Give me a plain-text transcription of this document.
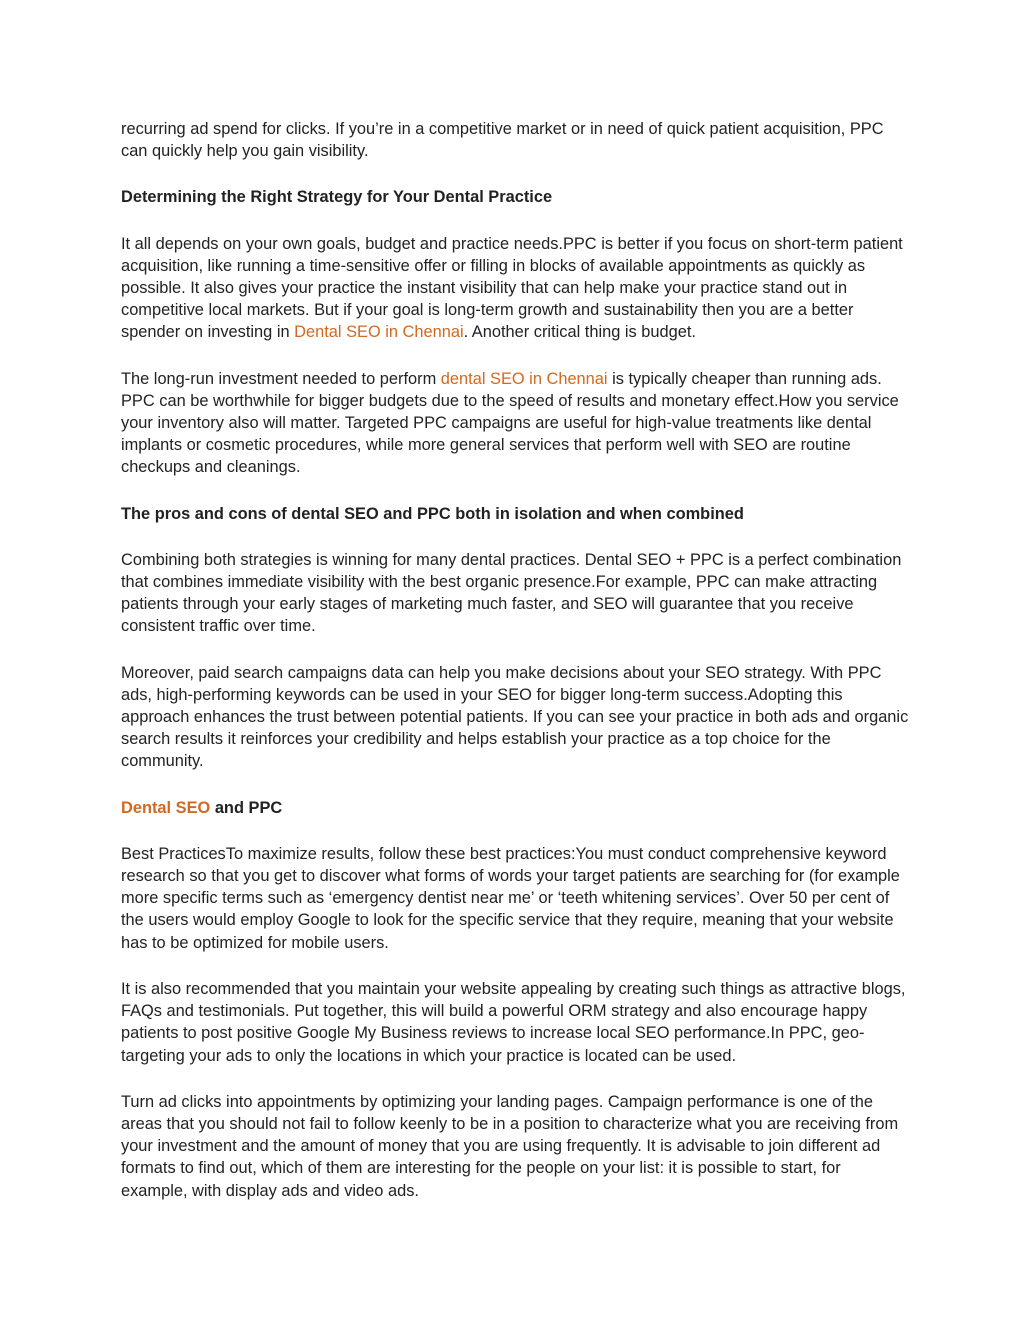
recurring ad spend for clicks. If you’re in a competitive market or in need of quick patient acquisition, PPC can quickly help you gain visibility.

Determining the Right Strategy for Your Dental Practice

It all depends on your own goals, budget and practice needs.PPC is better if you focus on short-term patient acquisition, like running a time-sensitive offer or filling in blocks of available appointments as quickly as possible. It also gives your practice the instant visibility that can help make your practice stand out in competitive local markets. But if your goal is long-term growth and sustainability then you are a better spender on investing in Dental SEO in Chennai. Another critical thing is budget.

The long-run investment needed to perform dental SEO in Chennai is typically cheaper than running ads. PPC can be worthwhile for bigger budgets due to the speed of results and monetary effect.How you service your inventory also will matter. Targeted PPC campaigns are useful for high-value treatments like dental implants or cosmetic procedures, while more general services that perform well with SEO are routine checkups and cleanings.

The pros and cons of dental SEO and PPC both in isolation and when combined

Combining both strategies is winning for many dental practices. Dental SEO + PPC is a perfect combination that combines immediate visibility with the best organic presence.For example, PPC can make attracting patients through your early stages of marketing much faster, and SEO will guarantee that you receive consistent traffic over time.

Moreover, paid search campaigns data can help you make decisions about your SEO strategy. With PPC ads, high-performing keywords can be used in your SEO for bigger long-term success.Adopting this approach enhances the trust between potential patients. If you can see your practice in both ads and organic search results it reinforces your credibility and helps establish your practice as a top choice for the community.

Dental SEO and PPC

Best PracticesTo maximize results, follow these best practices:You must conduct comprehensive keyword research so that you get to discover what forms of words your target patients are searching for (for example more specific terms such as ‘emergency dentist near me’ or ‘teeth whitening services’. Over 50 per cent of the users would employ Google to look for the specific service that they require, meaning that your website has to be optimized for mobile users.

It is also recommended that you maintain your website appealing by creating such things as attractive blogs, FAQs and testimonials. Put together, this will build a powerful ORM strategy and also encourage happy patients to post positive Google My Business reviews to increase local SEO performance.In PPC, geo-targeting your ads to only the locations in which your practice is located can be used.

Turn ad clicks into appointments by optimizing your landing pages. Campaign performance is one of the areas that you should not fail to follow keenly to be in a position to characterize what you are receiving from your investment and the amount of money that you are using frequently. It is advisable to join different ad formats to find out, which of them are interesting for the people on your list: it is possible to start, for example, with display ads and video ads.
